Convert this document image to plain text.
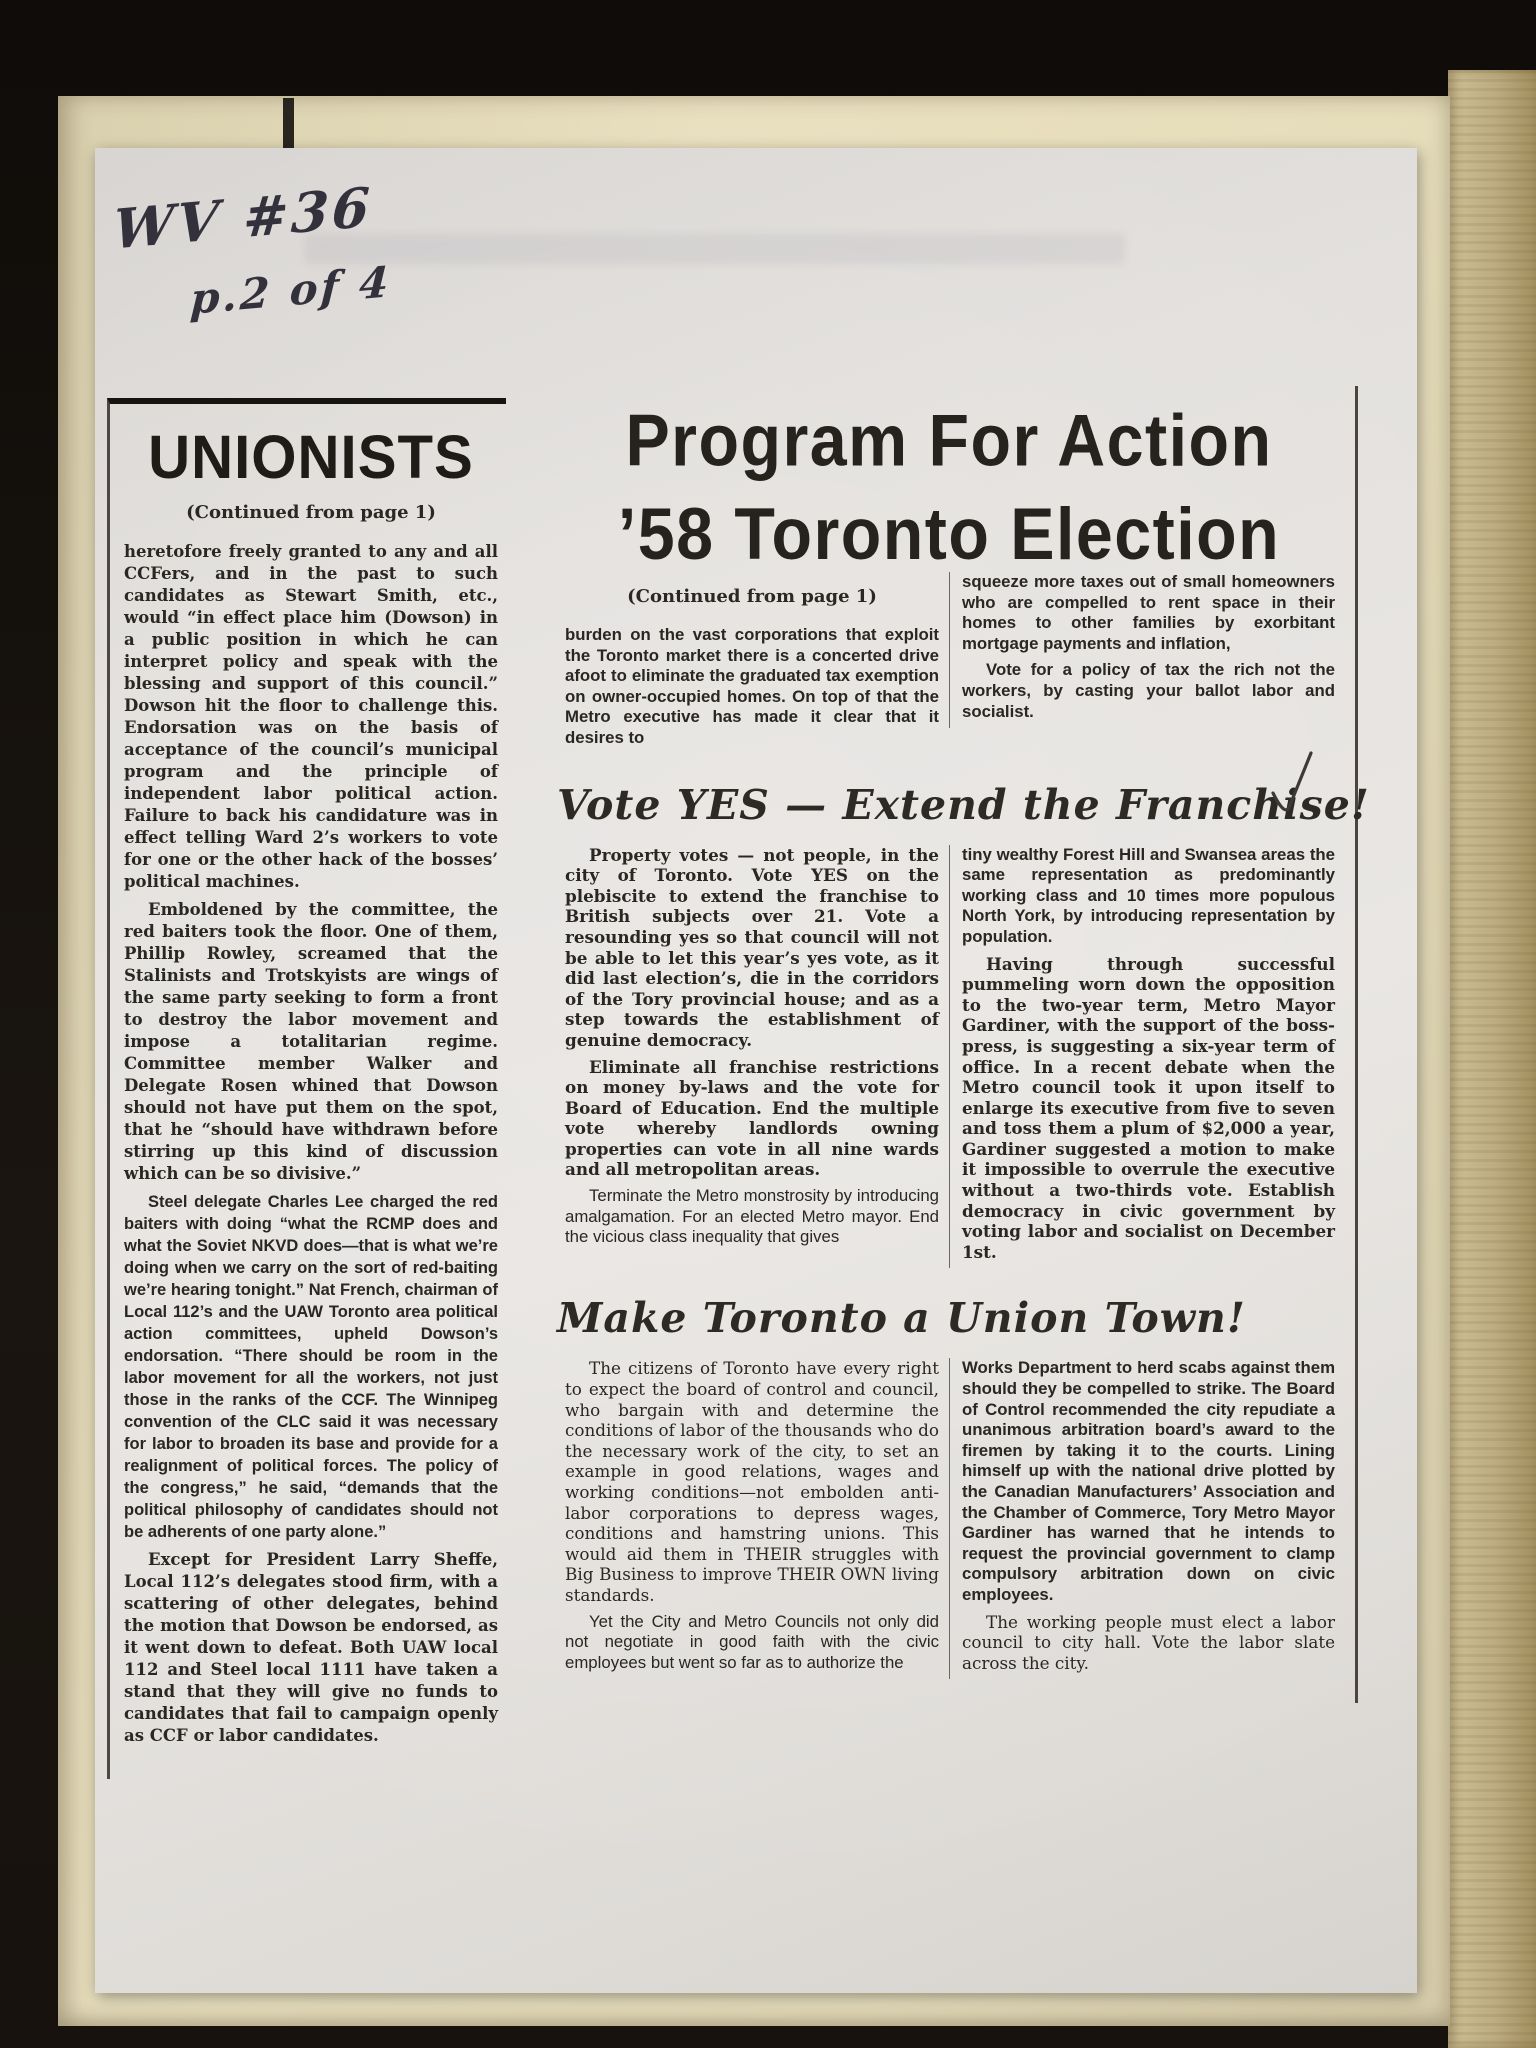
WV #36
p.2 of 4
UNIONISTS
(Continued from page 1)

heretofore freely granted to any and all CCFers, and in the past to such candidates as Stewart Smith, etc., would “in effect place him (Dowson) in a public position in which he can interpret policy and speak with the blessing and support of this council.” Dowson hit the floor to challenge this. Endorsation was on the basis of acceptance of the council’s municipal program and the principle of independent labor political action. Failure to back his candidature was in effect telling Ward 2’s workers to vote for one or the other hack of the bosses’ political machines.

Emboldened by the committee, the red baiters took the floor. One of them, Phillip Rowley, screamed that the Stalinists and Trotskyists are wings of the same party seeking to form a front to destroy the labor movement and impose a totalitarian regime. Committee member Walker and Delegate Rosen whined that Dowson should not have put them on the spot, that he “should have withdrawn before stirring up this kind of discussion which can be so divisive.”

Steel delegate Charles Lee charged the red baiters with doing “what the RCMP does and what the Soviet NKVD does—that is what we’re doing when we carry on the sort of red-baiting we’re hearing tonight.” Nat French, chairman of Local 112’s and the UAW Toronto area political action committees, upheld Dowson’s endorsation. “There should be room in the labor movement for all the workers, not just those in the ranks of the CCF. The Winnipeg convention of the CLC said it was necessary for labor to broaden its base and provide for a realignment of political forces. The policy of the congress,” he said, “demands that the political philosophy of candidates should not be adherents of one party alone.”

Except for President Larry Sheffe, Local 112’s delegates stood firm, with a scattering of other delegates, behind the motion that Dowson be endorsed, as it went down to defeat. Both UAW local 112 and Steel local 1111 have taken a stand that they will give no funds to candidates that fail to campaign openly as CCF or labor candidates.

Program For Action
’58 Toronto Election
(Continued from page 1)

burden on the vast corporations that exploit the Toronto market there is a concerted drive afoot to eliminate the graduated tax exemption on owner-occupied homes. On top of that the Metro executive has made it clear that it desires to

squeeze more taxes out of small homeowners who are compelled to rent space in their homes to other families by exorbitant mortgage payments and inflation,

Vote for a policy of tax the rich not the workers, by casting your ballot labor and socialist.

Vote YES — Extend the Franchise!

Property votes — not people, in the city of Toronto. Vote YES on the plebiscite to extend the franchise to British subjects over 21. Vote a resounding yes so that council will not be able to let this year’s yes vote, as it did last election’s, die in the corridors of the Tory provincial house; and as a step towards the establishment of genuine democracy.

Eliminate all franchise restrictions on money by-laws and the vote for Board of Education. End the multiple vote whereby landlords owning properties can vote in all nine wards and all metropolitan areas.

Terminate the Metro monstrosity by introducing amalgamation. For an elected Metro mayor. End the vicious class inequality that gives

tiny wealthy Forest Hill and Swansea areas the same representation as predominantly working class and 10 times more populous North York, by introducing representation by population.

Having through successful pummeling worn down the opposition to the two-year term, Metro Mayor Gardiner, with the support of the boss-press, is suggesting a six-year term of office. In a recent debate when the Metro council took it upon itself to enlarge its executive from five to seven and toss them a plum of $2,000 a year, Gardiner suggested a motion to make it impossible to overrule the executive without a two-thirds vote. Establish democracy in civic government by voting labor and socialist on December 1st.

Make Toronto a Union Town!

The citizens of Toronto have every right to expect the board of control and council, who bargain with and determine the conditions of labor of the thousands who do the necessary work of the city, to set an example in good relations, wages and working conditions—not embolden anti-labor corporations to depress wages, conditions and hamstring unions. This would aid them in THEIR struggles with Big Business to improve THEIR OWN living standards.

Yet the City and Metro Councils not only did not negotiate in good faith with the civic employees but went so far as to authorize the

Works Department to herd scabs against them should they be compelled to strike. The Board of Control recommended the city repudiate a unanimous arbitration board’s award to the firemen by taking it to the courts. Lining himself up with the national drive plotted by the Canadian Manufacturers’ Association and the Chamber of Commerce, Tory Metro Mayor Gardiner has warned that he intends to request the provincial government to clamp compulsory arbitration down on civic employees.

The working people must elect a labor council to city hall. Vote the labor slate across the city.
